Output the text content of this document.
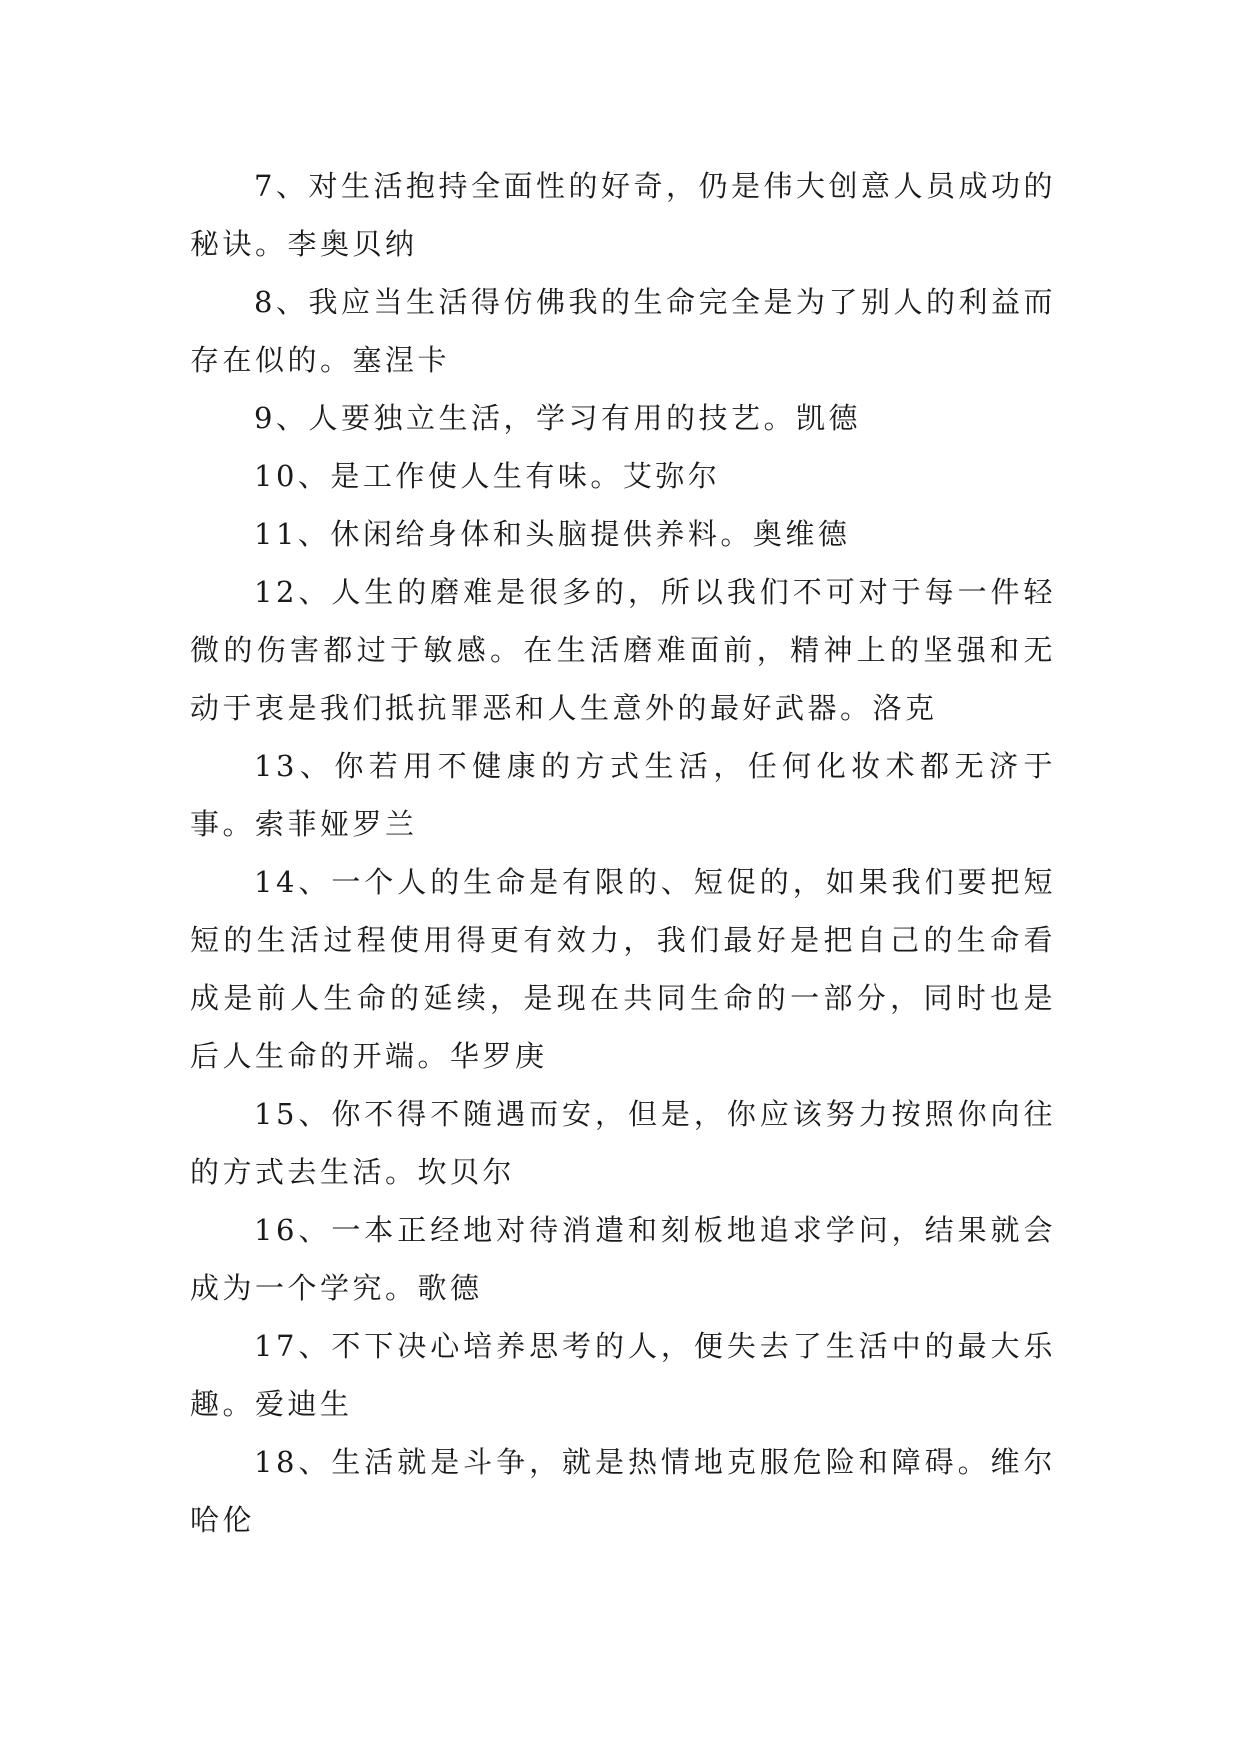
7、对生活抱持全面性的好奇，仍是伟大创意人员成功的秘诀。李奥贝纳

8、我应当生活得仿佛我的生命完全是为了别人的利益而存在似的。塞涅卡

9、人要独立生活，学习有用的技艺。凯德

10、是工作使人生有味。艾弥尔

11、休闲给身体和头脑提供养料。奥维德

12、人生的磨难是很多的，所以我们不可对于每一件轻微的伤害都过于敏感。在生活磨难面前，精神上的坚强和无动于衷是我们抵抗罪恶和人生意外的最好武器。洛克

13、你若用不健康的方式生活，任何化妆术都无济于事。索菲娅罗兰

14、一个人的生命是有限的、短促的，如果我们要把短短的生活过程使用得更有效力，我们最好是把自己的生命看成是前人生命的延续，是现在共同生命的一部分，同时也是后人生命的开端。华罗庚

15、你不得不随遇而安，但是，你应该努力按照你向往的方式去生活。坎贝尔

16、一本正经地对待消遣和刻板地追求学问，结果就会成为一个学究。歌德

17、不下决心培养思考的人，便失去了生活中的最大乐趣。爱迪生

18、生活就是斗争，就是热情地克服危险和障碍。维尔哈伦
